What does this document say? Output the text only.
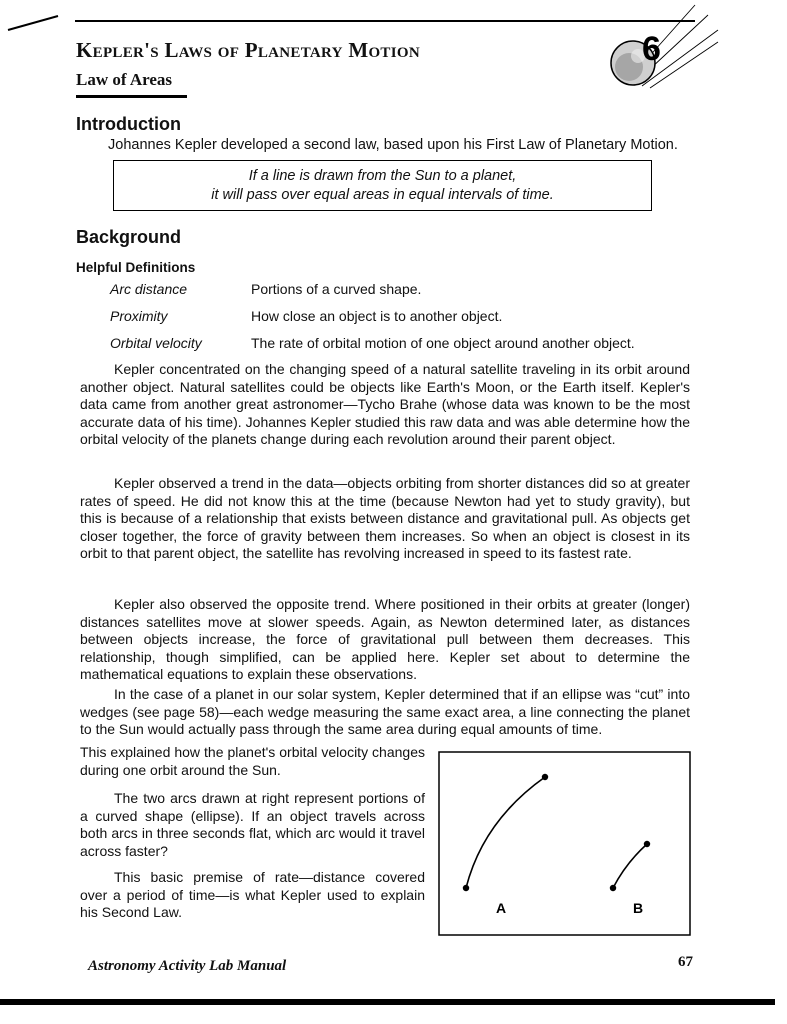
Kepler's Laws of Planetary Motion
Law of Areas
6
Introduction
Johannes Kepler developed a second law, based upon his First Law of Planetary Motion.
If a line is drawn from the Sun to a planet,
it will pass over equal areas in equal intervals of time.
Background
Helpful Definitions
Arc distance	Portions of a curved shape.
Proximity	How close an object is to another object.
Orbital velocity	The rate of orbital motion of one object around another object.

Kepler concentrated on the changing speed of a natural satellite traveling in its orbit around another object. Natural satellites could be objects like Earth's Moon, or the Earth itself. Kepler's data came from another great astronomer—Tycho Brahe (whose data was known to be the most accurate data of his time). Johannes Kepler studied this raw data and was able determine how the orbital velocity of the planets change during each revolution around their parent object.

Kepler observed a trend in the data—objects orbiting from shorter distances did so at greater rates of speed. He did not know this at the time (because Newton had yet to study gravity), but this is because of a relationship that exists between distance and gravitational pull. As objects get closer together, the force of gravity between them increases. So when an object is closest in its orbit to that parent object, the satellite has revolving increased in speed to its fastest rate.

Kepler also observed the opposite trend. Where positioned in their orbits at greater (longer) distances satellites move at slower speeds. Again, as Newton determined later, as distances between objects increase, the force of gravitational pull between them decreases. This relationship, though simplified, can be applied here. Kepler set about to determine the mathematical equations to explain these observations.

In the case of a planet in our solar system, Kepler determined that if an ellipse was “cut” into wedges (see page 58)—each wedge measuring the same exact area, a line connecting the planet to the Sun would actually pass through the same area during equal amounts of time.

This explained how the planet's orbital velocity changes during one orbit around the Sun.

The two arcs drawn at right represent portions of a curved shape (ellipse). If an object travels across both arcs in three seconds flat, which arc would it travel across faster?

This basic premise of rate—distance covered over a period of time—is what Kepler used to explain his Second Law.	A	B
Astronomy Activity Lab Manual	67
